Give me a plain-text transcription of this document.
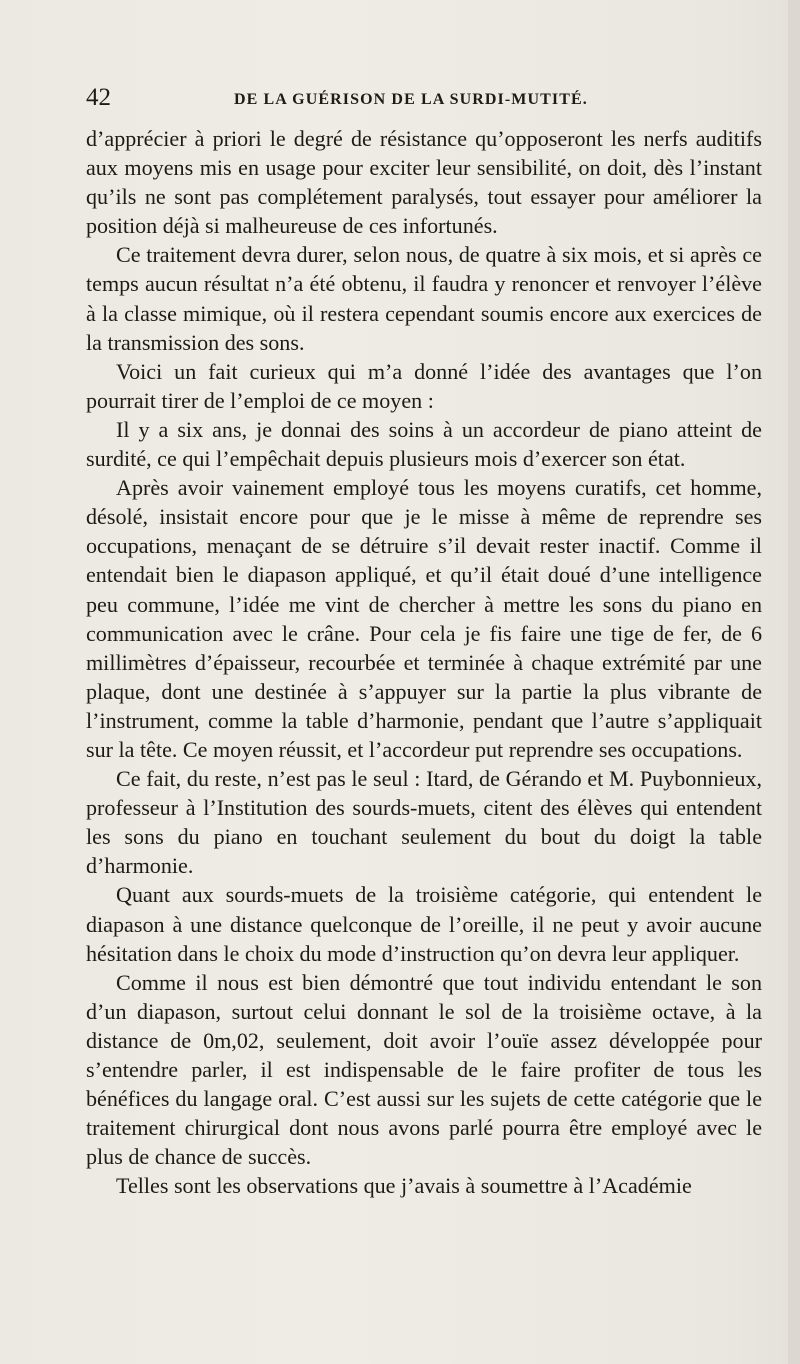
42	DE LA GUÉRISON DE LA SURDI-MUTITÉ.

d’apprécier à priori le degré de résistance qu’opposeront les nerfs auditifs aux moyens mis en usage pour exciter leur sensibilité, on doit, dès l’instant qu’ils ne sont pas complétement paralysés, tout essayer pour améliorer la position déjà si malheureuse de ces infortunés.

Ce traitement devra durer, selon nous, de quatre à six mois, et si après ce temps aucun résultat n’a été obtenu, il faudra y renoncer et renvoyer l’élève à la classe mimique, où il restera cependant soumis encore aux exercices de la transmission des sons.

Voici un fait curieux qui m’a donné l’idée des avantages que l’on pourrait tirer de l’emploi de ce moyen :

Il y a six ans, je donnai des soins à un accordeur de piano atteint de surdité, ce qui l’empêchait depuis plusieurs mois d’exercer son état.

Après avoir vainement employé tous les moyens curatifs, cet homme, désolé, insistait encore pour que je le misse à même de reprendre ses occupations, menaçant de se détruire s’il devait rester inactif. Comme il entendait bien le diapason appliqué, et qu’il était doué d’une intelligence peu commune, l’idée me vint de chercher à mettre les sons du piano en communication avec le crâne. Pour cela je fis faire une tige de fer, de 6 millimètres d’épaisseur, recourbée et terminée à chaque extrémité par une plaque, dont une destinée à s’appuyer sur la partie la plus vibrante de l’instrument, comme la table d’harmonie, pendant que l’autre s’appliquait sur la tête. Ce moyen réussit, et l’accordeur put reprendre ses occupations.

Ce fait, du reste, n’est pas le seul : Itard, de Gérando et M. Puybonnieux, professeur à l’Institution des sourds-muets, citent des élèves qui entendent les sons du piano en touchant seulement du bout du doigt la table d’harmonie.

Quant aux sourds-muets de la troisième catégorie, qui entendent le diapason à une distance quelconque de l’oreille, il ne peut y avoir aucune hésitation dans le choix du mode d’instruction qu’on devra leur appliquer.

Comme il nous est bien démontré que tout individu entendant le son d’un diapason, surtout celui donnant le sol de la troisième octave, à la distance de 0m,02, seulement, doit avoir l’ouïe assez développée pour s’entendre parler, il est indispensable de le faire profiter de tous les bénéfices du langage oral. C’est aussi sur les sujets de cette catégorie que le traitement chirurgical dont nous avons parlé pourra être employé avec le plus de chance de succès.

Telles sont les observations que j’avais à soumettre à l’Académie
